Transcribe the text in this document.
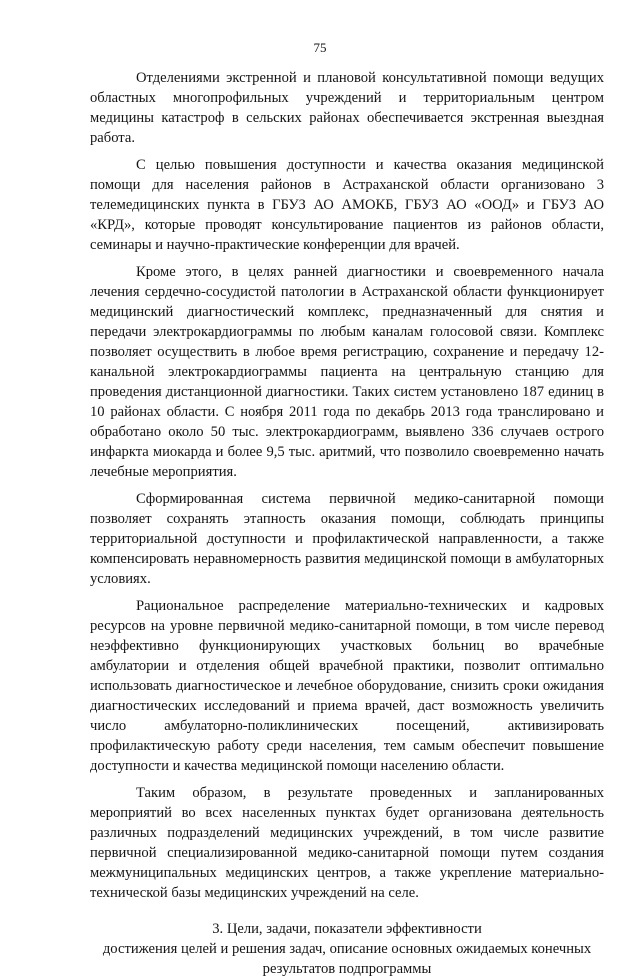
75

Отделениями экстренной и плановой консультативной помощи ведущих областных многопрофильных учреждений и территориальным центром медицины катастроф в сельских районах обеспечивается экстренная выездная работа.

С целью повышения доступности и качества оказания медицинской помощи для населения районов в Астраханской области организовано 3 телемедицинских пункта в ГБУЗ АО АМОКБ, ГБУЗ АО «ООД» и ГБУЗ АО «КРД», которые проводят консультирование пациентов из районов области, семинары и научно-практические конференции для врачей.

Кроме этого, в целях ранней диагностики и своевременного начала лечения сердечно-сосудистой патологии в Астраханской области функционирует медицинский диагностический комплекс, предназначенный для снятия и передачи электрокардиограммы по любым каналам голосовой связи. Комплекс позволяет осуществить в любое время регистрацию, сохранение и передачу 12-канальной электрокардиограммы пациента на центральную станцию для проведения дистанционной диагностики. Таких систем установлено 187 единиц в 10 районах области. С ноября 2011 года по декабрь 2013 года транслировано и обработано около 50 тыс. электрокардиограмм, выявлено 336 случаев острого инфаркта миокарда и более 9,5 тыс. аритмий, что позволило своевременно начать лечебные мероприятия.

Сформированная система первичной медико-санитарной помощи позволяет сохранять этапность оказания помощи, соблюдать принципы территориальной доступности и профилактической направленности, а также компенсировать неравномерность развития медицинской помощи в амбулаторных условиях.

Рациональное распределение материально-технических и кадровых ресурсов на уровне первичной медико-санитарной помощи, в том числе перевод неэффективно функционирующих участковых больниц во врачебные амбулатории и отделения общей врачебной практики, позволит оптимально использовать диагностическое и лечебное оборудование, снизить сроки ожидания диагностических исследований и приема врачей, даст возможность увеличить число амбулаторно-поликлинических посещений, активизировать профилактическую работу среди населения, тем самым обеспечит повышение доступности и качества медицинской помощи населению области.

Таким образом, в результате проведенных и запланированных мероприятий во всех населенных пунктах будет организована деятельность различных подразделений медицинских учреждений, в том числе развитие первичной специализированной медико-санитарной помощи путем создания межмуниципальных медицинских центров, а также укрепление материально-технической базы медицинских учреждений на селе.

3. Цели, задачи, показатели эффективности
достижения целей и решения задач, описание основных ожидаемых конечных результатов подпрограммы
